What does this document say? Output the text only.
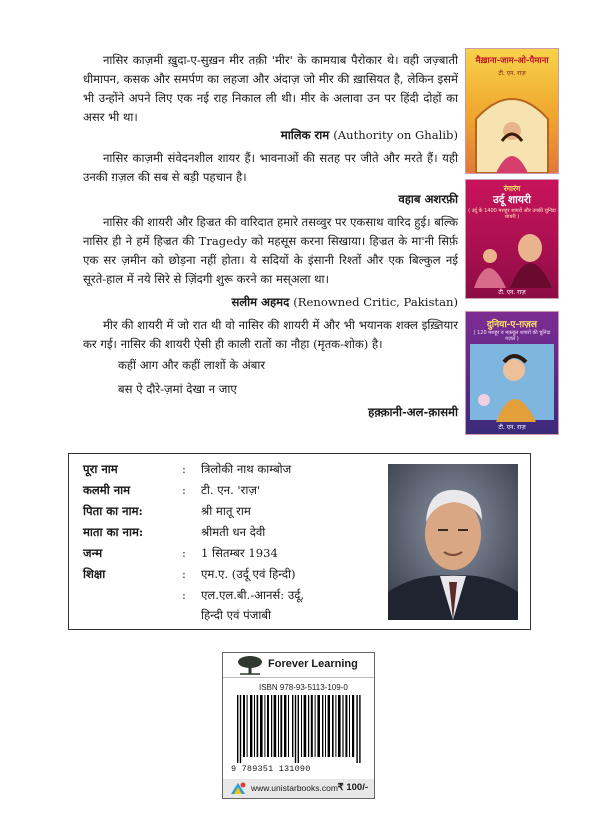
नासिर काज़मी ख़ुदा-ए-सुख़न मीर तक़ी 'मीर' के कामयाब पैरोकार थे। वही जज़्बाती धीमापन, कसक और समर्पण का लहजा और अंदाज़ जो मीर की ख़ासियत है, लेकिन इसमें भी उन्होंने अपने लिए एक नई राह निकाल ली थी। मीर के अलावा उन पर हिंदी दोहों का असर भी था।
मालिक राम (Authority on Ghalib)
नासिर काज़मी संवेदनशील शायर हैं। भावनाओं की सतह पर जीते और मरते हैं। यही उनकी ग़ज़ल की सब से बड़ी पहचान है।
वहाब अशरफ़ी
नासिर की शायरी और हिज्रत की वारिदात हमारे तसव्वुर पर एकसाथ वारिद हुई। बल्कि नासिर ही ने हमें हिज्रत की Tragedy को महसूस करना सिखाया। हिज्रत के मा'नी सिर्फ़ एक सर ज़मीन को छोड़ना नहीं होता। ये सदियों के इंसानी रिश्तों और एक बिल्कुल नई सूरते-हाल में नये सिरे से ज़िंदगी शुरू करने का मस्अला था।
सलीम अहमद (Renowned Critic, Pakistan)
मीर की शायरी में जो रात थी वो नासिर की शायरी में और भी भयानक शक्ल इख़्तियार कर गई। नासिर की शायरी ऐसी ही काली रातों का नौहा (मृतक-शोक) है।
कहीं आग और कहीं लाशों के अंबार
बस ऐ दौरे-ज़मां देखा न जाए
हक़्क़ानी-अल-क़ासमी
मैख़ाना-जाम-ओ-पैमाना
टी. एन. राज़
रंगारंग
उर्दू शायरी
( उर्दू के 1400 मशहूर शायरों और उनकी चुनिंदा शायरी )
टी. एन. राज़
दुनिया-ए-ग़ज़ल
( 120 मशहूर व मक़बूल शायरों की चुनिंदा ग़ज़लें )
टी. एन. राज़
पूरा नाम	: त्रिलोकी नाथ काम्बोज
कलमी नाम	: टी. एन. 'राज़'
पिता का नाम:	श्री मातू राम
माता का नाम:	श्रीमती धन देवी
जन्म	: 1 सितम्बर 1934
शिक्षा	: एम.ए. (उर्दू एवं हिन्दी)
: एल.एल.बी.-आनर्स: उर्दू,
हिन्दी एवं पंजाबी
Forever Learning
ISBN 978-93-5113-109-0
9 789351 131090
www.unistarbooks.com ₹ 100/-
